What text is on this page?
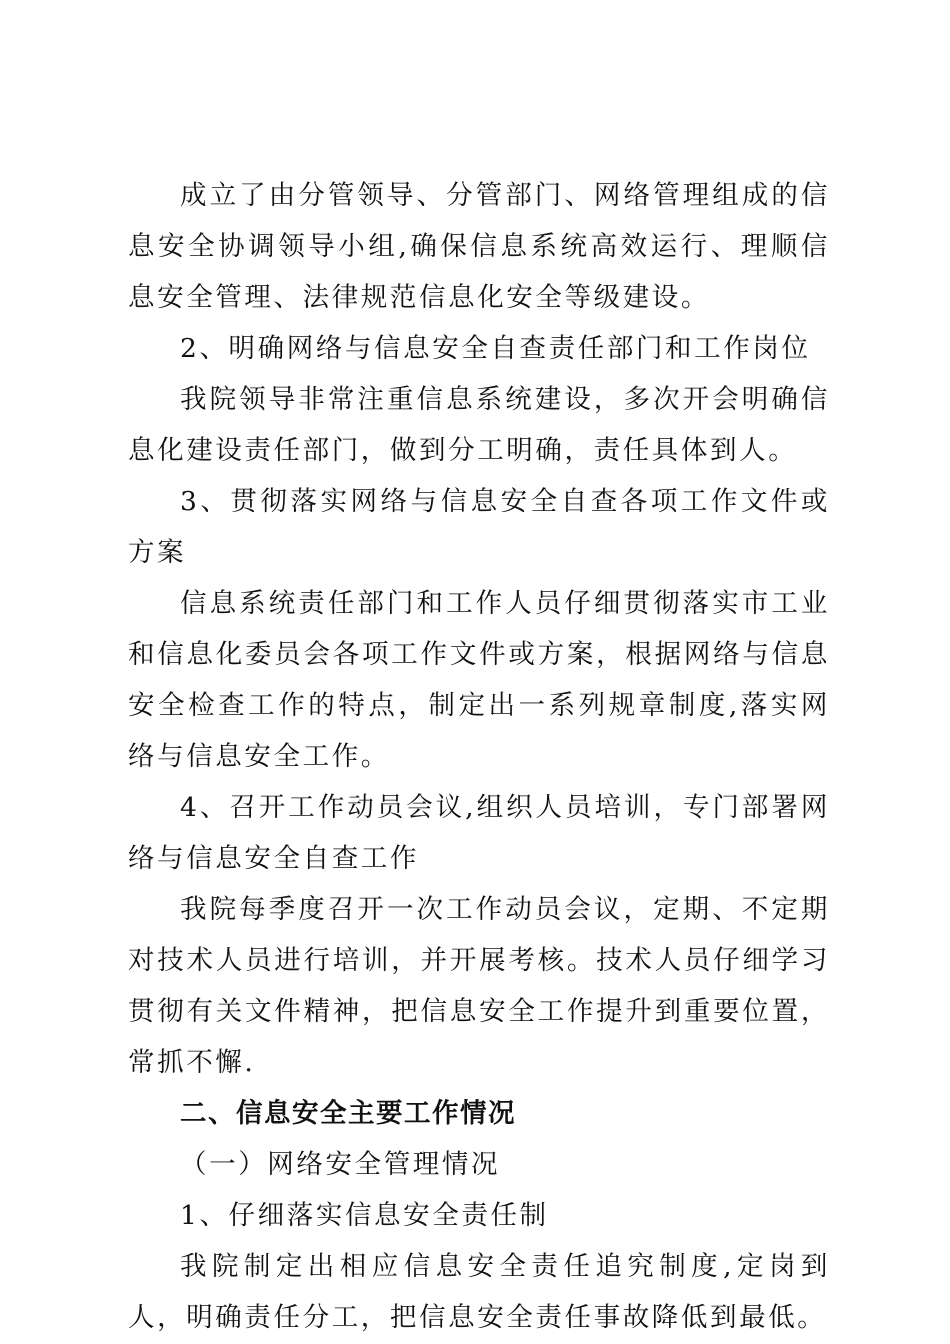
成立了由分管领导、分管部门、网络管理组成的信息安全协调领导小组,确保信息系统高效运行、理顺信息安全管理、法律规范信息化安全等级建设。

2、明确网络与信息安全自查责任部门和工作岗位

我院领导非常注重信息系统建设，多次开会明确信息化建设责任部门，做到分工明确，责任具体到人。

3、贯彻落实网络与信息安全自查各项工作文件或方案

信息系统责任部门和工作人员仔细贯彻落实市工业和信息化委员会各项工作文件或方案，根据网络与信息安全检查工作的特点，制定出一系列规章制度,落实网络与信息安全工作。

4、召开工作动员会议,组织人员培训，专门部署网络与信息安全自查工作

我院每季度召开一次工作动员会议，定期、不定期对技术人员进行培训，并开展考核。技术人员仔细学习贯彻有关文件精神，把信息安全工作提升到重要位置，常抓不懈.

二、信息安全主要工作情况

（一）网络安全管理情况

1、仔细落实信息安全责任制

我院制定出相应信息安全责任追究制度,定岗到人，明确责任分工，把信息安全责任事故降低到最低。
